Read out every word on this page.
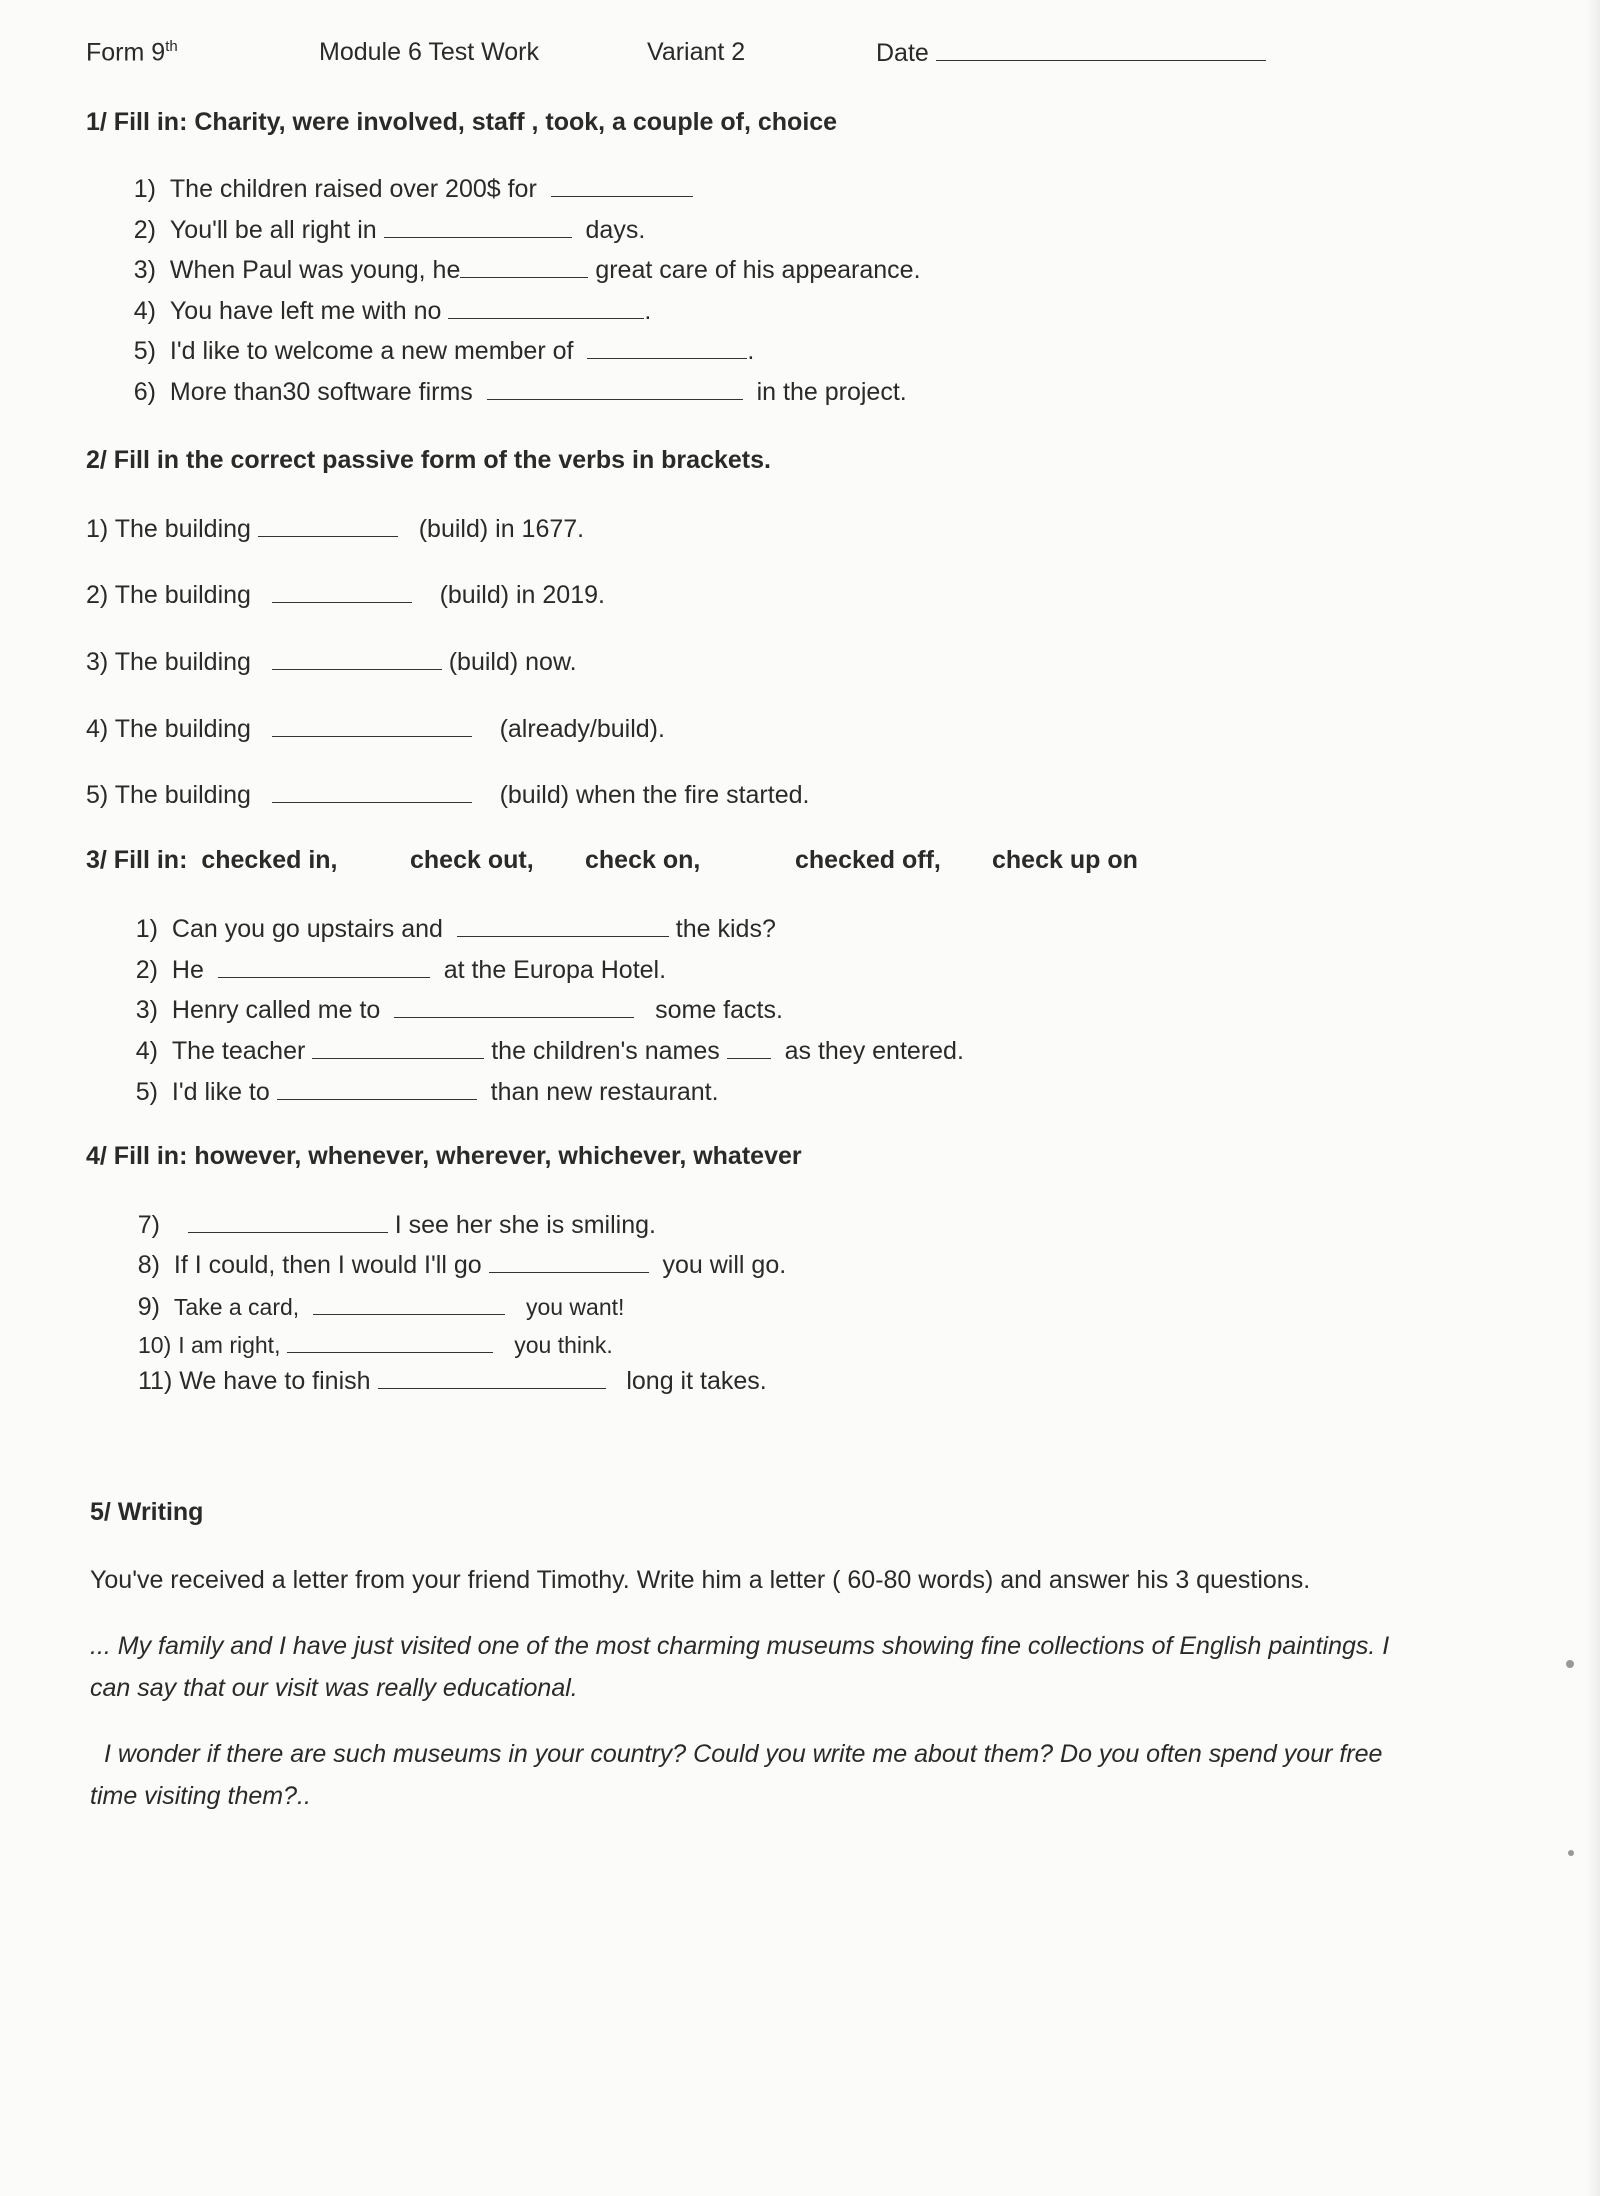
Form 9th	Module 6 Test Work	Variant 2	Date
1/ Fill in: Charity, were involved, staff , took, a couple of, choice
1) The children raised over 200$ for
2) You'll be all right in	days.
3) When Paul was young, he	great care of his appearance.
4) You have left me with no	.
5) I'd like to welcome a new member of	.
6) More than30 software firms	in the project.
2/ Fill in the correct passive form of the verbs in brackets.
1) The building	(build) in 1677.
2) The building	(build) in 2019.
3) The building	(build) now.
4) The building	(already/build).
5) The building	(build) when the fire started.
3/ Fill in: checked in,	check out, check on,	checked off, check up on
1) Can you go upstairs and	the kids?
2) He	at the Europa Hotel.
3) Henry called me to	some facts.
4) The teacher	the children's names	as they entered.
5) I'd like to	than new restaurant.
4/ Fill in: however, whenever, wherever, whichever, whatever
7)	I see her she is smiling.
8) If I could, then I would I'll go	you will go.
9) Take a card,	you want!
10) I am right,	you think.
11) We have to finish	long it takes.
5/ Writing
You've received a letter from your friend Timothy. Write him a letter ( 60-80 words) and answer his 3 questions.
... My family and I have just visited one of the most charming museums showing fine collections of English paintings. I
can say that our visit was really educational.
I wonder if there are such museums in your country? Could you write me about them? Do you often spend your free
time visiting them?..
